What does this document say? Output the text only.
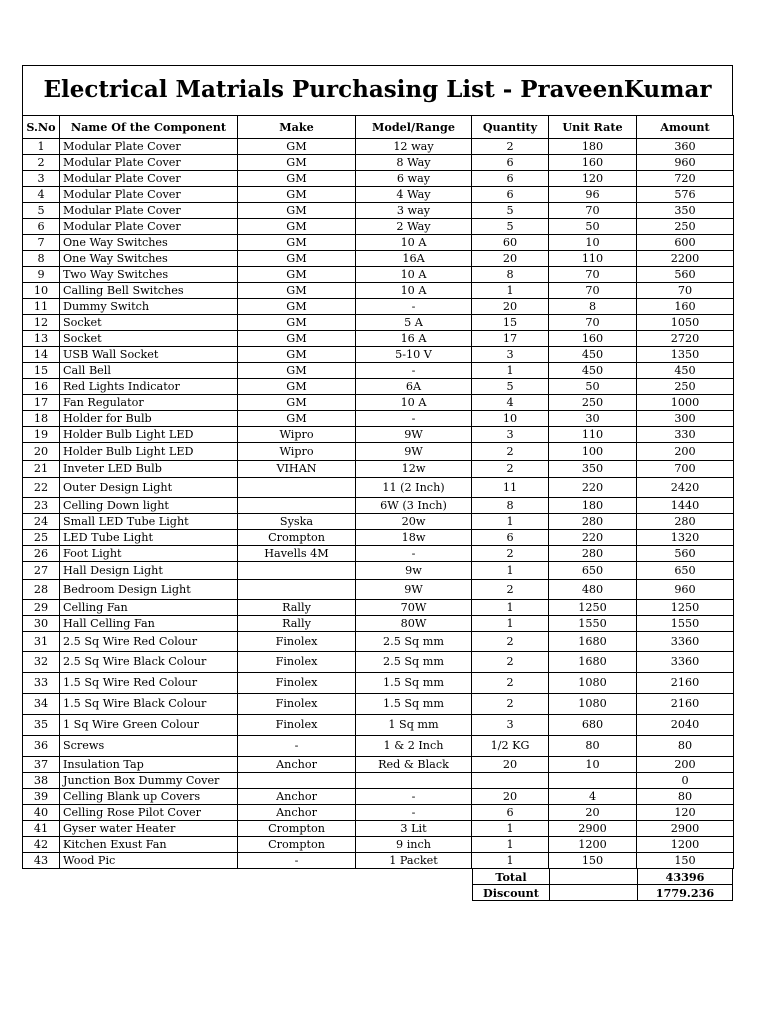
Electrical Matrials Purchasing List - PraveenKumar
S.No	Name Of the Component	Make	Model/Range	Quantity	Unit Rate	Amount
1	Modular Plate Cover	GM	12 way	2	180	360
2	Modular Plate Cover	GM	8 Way	6	160	960
3	Modular Plate Cover	GM	6 way	6	120	720
4	Modular Plate Cover	GM	4 Way	6	96	576
5	Modular Plate Cover	GM	3 way	5	70	350
6	Modular Plate Cover	GM	2 Way	5	50	250
7	One Way Switches	GM	10 A	60	10	600
8	One Way Switches	GM	16A	20	110	2200
9	Two Way Switches	GM	10 A	8	70	560
10	Calling Bell Switches	GM	10 A	1	70	70
11	Dummy Switch	GM	-	20	8	160
12	Socket	GM	5 A	15	70	1050
13	Socket	GM	16 A	17	160	2720
14	USB Wall Socket	GM	5-10 V	3	450	1350
15	Call Bell	GM	-	1	450	450
16	Red Lights Indicator	GM	6A	5	50	250
17	Fan Regulator	GM	10 A	4	250	1000
18	Holder for Bulb	GM	-	10	30	300
19	Holder Bulb Light LED	Wipro	9W	3	110	330
20	Holder Bulb Light LED	Wipro	9W	2	100	200
21	Inveter LED Bulb	VIHAN	12w	2	350	700
22	Outer Design Light		11 (2 Inch)	11	220	2420
23	Celling Down light		6W (3 Inch)	8	180	1440
24	Small LED Tube Light	Syska	20w	1	280	280
25	LED Tube Light	Crompton	18w	6	220	1320
26	Foot Light	Havells 4M	-	2	280	560
27	Hall Design Light		9w	1	650	650
28	Bedroom Design Light		9W	2	480	960
29	Celling Fan	Rally	70W	1	1250	1250
30	Hall Celling Fan	Rally	80W	1	1550	1550
31	2.5 Sq Wire Red Colour	Finolex	2.5 Sq mm	2	1680	3360
32	2.5 Sq Wire Black Colour	Finolex	2.5 Sq mm	2	1680	3360
33	1.5 Sq Wire Red Colour	Finolex	1.5 Sq mm	2	1080	2160
34	1.5 Sq Wire Black Colour	Finolex	1.5 Sq mm	2	1080	2160
35	1 Sq Wire Green Colour	Finolex	1 Sq mm	3	680	2040
36	Screws	-	1 & 2 Inch	1/2 KG	80	80
37	Insulation Tap	Anchor	Red & Black	20	10	200
38	Junction Box Dummy Cover					0
39	Celling Blank up Covers	Anchor	-	20	4	80
40	Celling Rose Pilot Cover	Anchor	-	6	20	120
41	Gyser water Heater	Crompton	3 Lit	1	2900	2900
42	Kitchen Exust Fan	Crompton	9 inch	1	1200	1200
43	Wood Pic	-	1 Packet	1	150	150
Total		43396
Discount		1779.236
